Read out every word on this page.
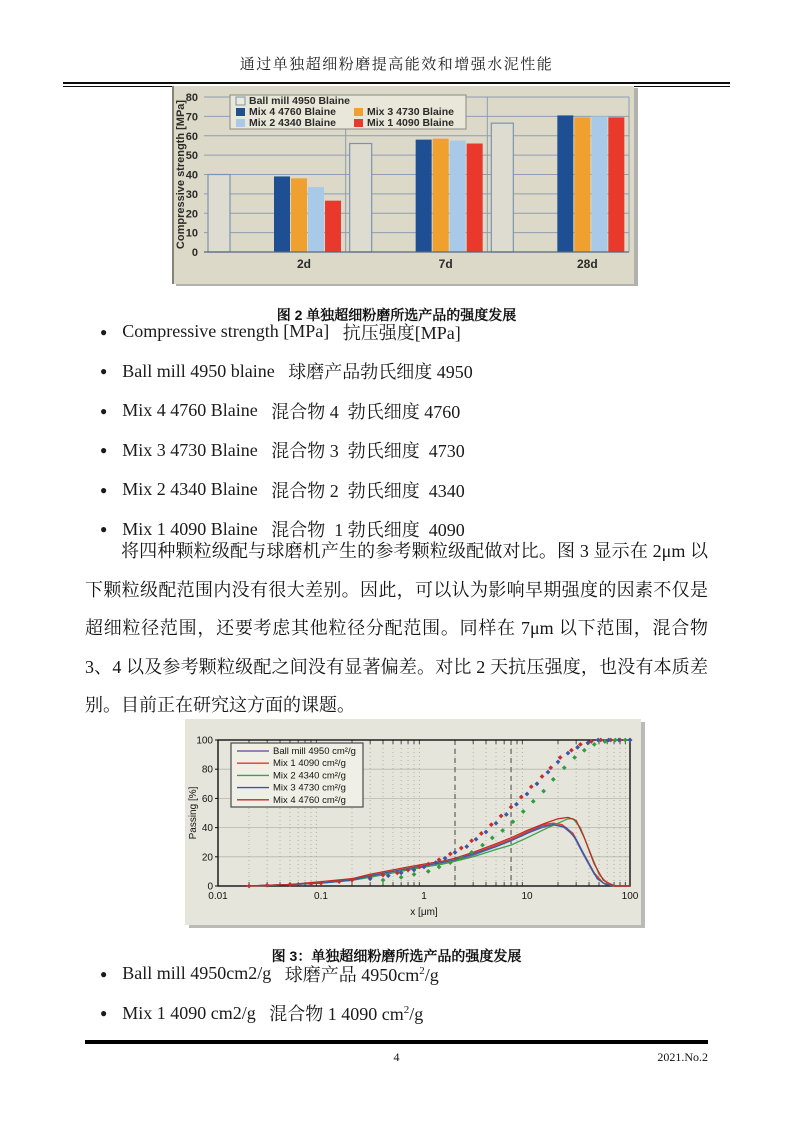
通过单独超细粉磨提高能效和增强水泥性能
0
10
20
30
40
50
60
70
80
2d	7d	28d
Ball mill 4950 Blaine
Mix 4 4760 Blaine	Mix 3 4730 Blaine
Mix 2 4340 Blaine	Mix 1 4090 Blaine
Compressive strength [MPa]

图 2 单独超细粉磨所选产品的强度发展

● Compressive strength [MPa] 抗压强度[MPa]
● Ball mill 4950 blaine 球磨产品勃氏细度 4950
● Mix 4 4760 Blaine 混合物 4  勃氏细度 4760
● Mix 3 4730 Blaine 混合物 3  勃氏细度  4730
● Mix 2 4340 Blaine 混合物 2  勃氏细度  4340
● Mix 1 4090 Blaine 混合物  1 勃氏细度  4090

将四种颗粒级配与球磨机产生的参考颗粒级配做对比。图 3 显示在 2μm 以下颗粒级配范围内没有很大差别。因此，可以认为影响早期强度的因素不仅是超细粒径范围，还要考虑其他粒径分配范围。同样在 7μm 以下范围，混合物 3、4 以及参考颗粒级配之间没有显著偏差。对比 2 天抗压强度，也没有本质差别。目前正在研究这方面的课题。

0
20
40
60
80
100
0.01	0.1	1	10	100
Ball mill 4950 cm²/g
Mix 1 4090 cm²/g
Mix 2 4340 cm²/g
Mix 3 4730 cm²/g
Mix 4 4760 cm²/g
x [μm]
Passing [%]

图 3：单独超细粉磨所选产品的强度发展

● Ball mill 4950cm2/g 球磨产品 $4950cm^2/g$
● Mix 1 4090 cm2/g 混合物 1 4090 $cm^2/g$
4	2021.No.2
